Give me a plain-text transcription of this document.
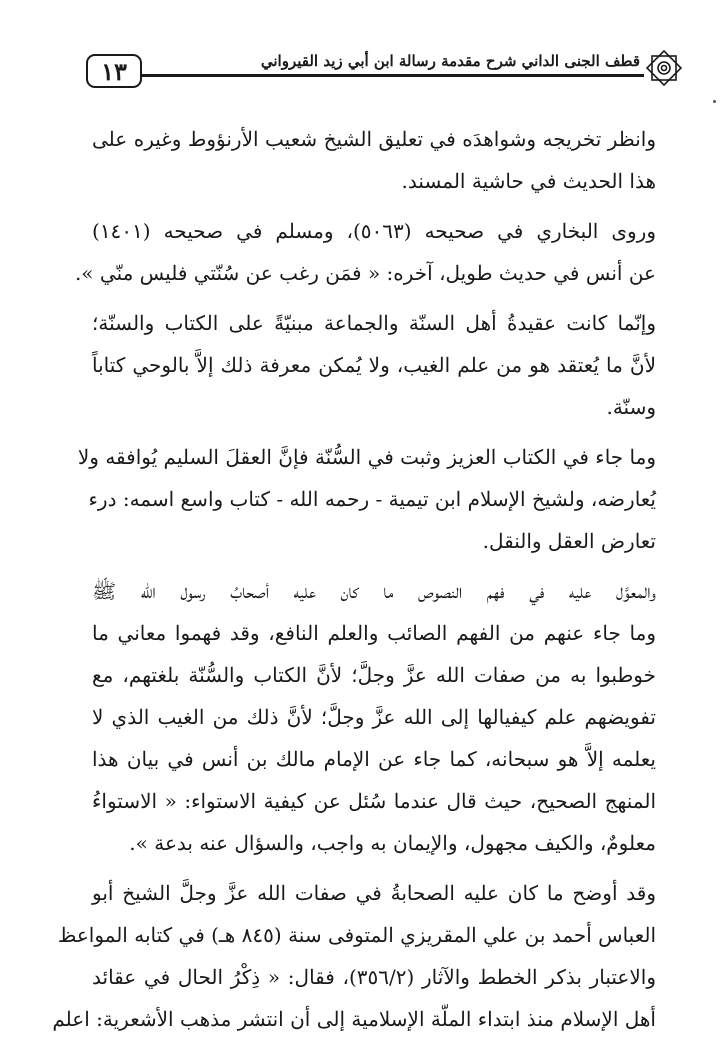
قطف الجنى الداني شرح مقدمة رسالة ابن أبي زيد القيرواني
١٣

وانظر تخريجه وشواهدَه في تعليق الشيخ شعيب الأرنؤوط وغيره على
هذا الحديث في حاشية المسند.

وروى البخاري في صحيحه (٥٠٦٣)، ومسلم في صحيحه (١٤٠١)
عن أنس في حديث طويل، آخره: « فمَن رغب عن سُنّتي فليس منّي ».

وإنّما كانت عقيدةُ أهل السنّة والجماعة مبنيّةً على الكتاب والسنّة؛
لأنَّ ما يُعتقد هو من علم الغيب، ولا يُمكن معرفة ذلك إلاَّ بالوحي كتاباً
وسنّة.

وما جاء في الكتاب العزيز وثبت في السُّنّة فإنَّ العقلَ السليم يُوافقه ولا
يُعارضه، ولشيخ الإسلام ابن تيمية - رحمه الله - كتاب واسع اسمه: درء
تعارض العقل والنقل.

والمعوَّل عليه في فهم النصوص ما كان عليه أصحابُ رسول الله ﷺ
وما جاء عنهم من الفهم الصائب والعلم النافع، وقد فهموا معاني ما
خوطبوا به من صفات الله عزَّ وجلَّ؛ لأنَّ الكتاب والسُّنّة بلغتهم، مع
تفويضهم علم كيفيالها إلى الله عزَّ وجلَّ؛ لأنَّ ذلك من الغيب الذي لا
يعلمه إلاَّ هو سبحانه، كما جاء عن الإمام مالك بن أنس في بيان هذا
المنهج الصحيح، حيث قال عندما سُئل عن كيفية الاستواء: « الاستواءُ
معلومٌ، والكيف مجهول، والإيمان به واجب، والسؤال عنه بدعة ».

وقد أوضح ما كان عليه الصحابةُ في صفات الله عزَّ وجلَّ الشيخ أبو
العباس أحمد بن علي المقريزي المتوفى سنة (٨٤٥ هـ) في كتابه المواعظ
والاعتبار بذكر الخطط والآثار (٣٥٦/٢)، فقال: « ذِكْرُ الحال في عقائد
أهل الإسلام منذ ابتداء الملّة الإسلامية إلى أن انتشر مذهب الأشعرية: اعلم
